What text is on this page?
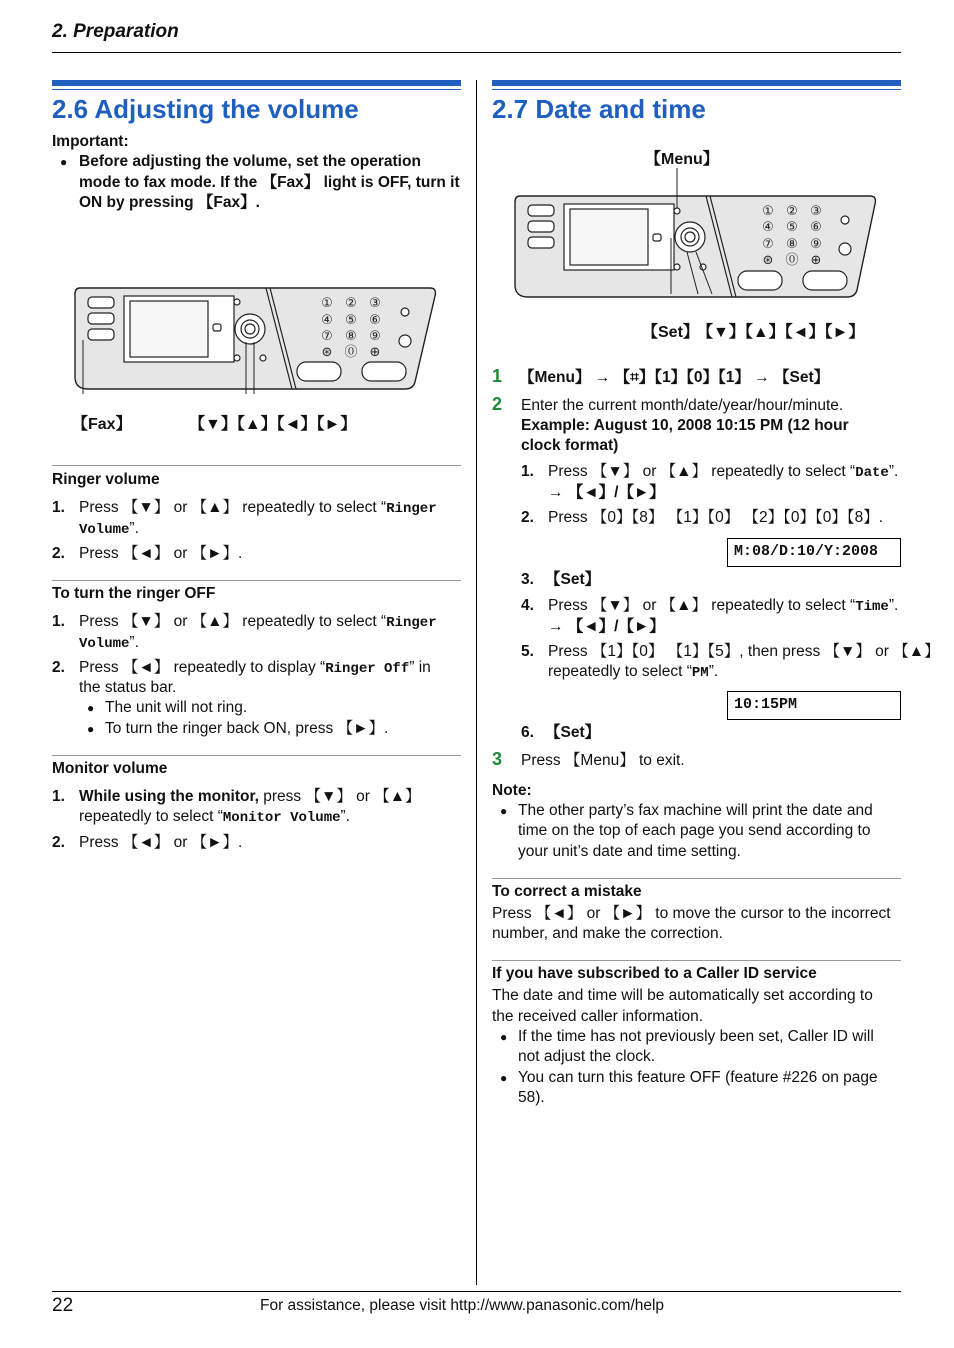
2. Preparation
22	For assistance, please visit http://www.panasonic.com/help
2.6 Adjusting the volume
Important:
● Before adjusting the volume, set the operation
mode to fax mode. If the 【Fax】 light is OFF, turn it
ON by pressing 【Fax】.
① ② ③
④ ⑤ ⑥
⑦ ⑧ ⑨
⊛ ⓪ ⊕
【Fax】	【▼】【▲】【◄】【►】
Ringer volume
1. Press 【▼】 or 【▲】 repeatedly to select “Ringer
Volume”.
2. Press 【◄】 or 【►】.
To turn the ringer OFF
1. Press 【▼】 or 【▲】 repeatedly to select “Ringer
Volume”.
2. Press 【◄】 repeatedly to display “Ringer Off” in
the status bar.
● The unit will not ring.
● To turn the ringer back ON, press 【►】.
Monitor volume
1. While using the monitor, press 【▼】 or 【▲】
repeatedly to select “Monitor Volume”.
2. Press 【◄】 or 【►】.
2.7 Date and time
【Menu】
① ② ③
④ ⑤ ⑥
⑦ ⑧ ⑨
⊛ ⓪ ⊕
【Set】
【▼】【▲】【◄】【►】
1 【Menu】 → 【⌗】【1】【0】【1】 → 【Set】
2 Enter the current month/date/year/hour/minute.
Example: August 10, 2008 10:15 PM (12 hour
clock format)
1. Press 【▼】 or 【▲】 repeatedly to select “Date”.
→ 【◄】/【►】
2. Press 【0】【8】 【1】【0】 【2】【0】【0】【8】.
M:08/D:10/Y:2008
3. 【Set】
4. Press 【▼】 or 【▲】 repeatedly to select “Time”.
→ 【◄】/【►】
5. Press 【1】【0】 【1】【5】, then press 【▼】 or 【▲】
repeatedly to select “PM”.
10:15PM
6. 【Set】
3 Press 【Menu】 to exit.
Note:
● The other party’s fax machine will print the date and
time on the top of each page you send according to
your unit’s date and time setting.
To correct a mistake
Press 【◄】 or 【►】 to move the cursor to the incorrect
number, and make the correction.
If you have subscribed to a Caller ID service
The date and time will be automatically set according to
the received caller information.
● If the time has not previously been set, Caller ID will
not adjust the clock.
● You can turn this feature OFF (feature #226 on page
58).
